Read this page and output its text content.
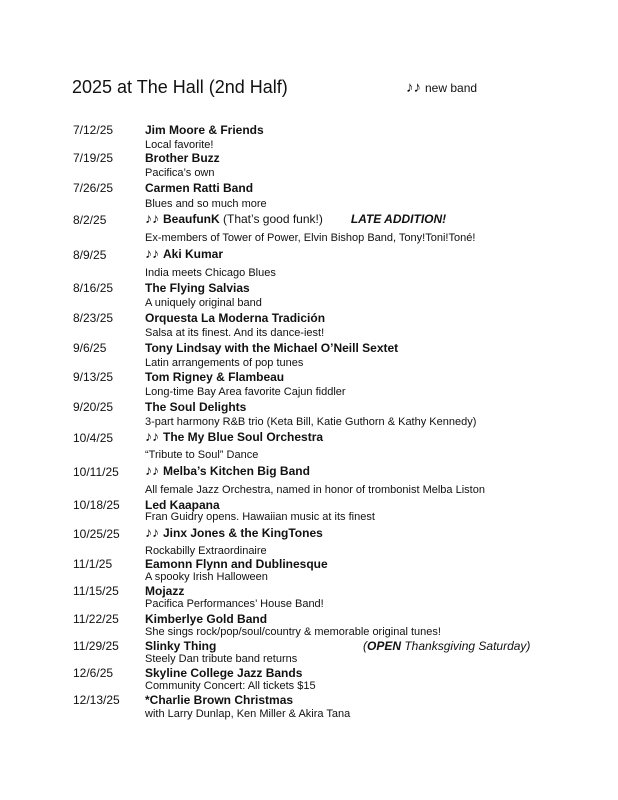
2025 at The Hall (2nd Half)	♪♪ new band
7/12/25	Jim Moore & Friends
Local favorite!
7/19/25	Brother Buzz
Pacifica’s own
7/26/25	Carmen Ratti Band
Blues and so much more
8/2/25	♪♪ BeaufunK (That’s good funk!) LATE ADDITION!
Ex-members of Tower of Power, Elvin Bishop Band, Tony!Toni!Toné!
8/9/25	♪♪ Aki Kumar
India meets Chicago Blues
8/16/25	The Flying Salvias
A uniquely original band
8/23/25	Orquesta La Moderna Tradición
Salsa at its finest. And its dance-iest!
9/6/25	Tony Lindsay with the Michael O’Neill Sextet
Latin arrangements of pop tunes
9/13/25	Tom Rigney & Flambeau
Long-time Bay Area favorite Cajun fiddler
9/20/25	The Soul Delights
3-part harmony R&B trio (Keta Bill, Katie Guthorn & Kathy Kennedy)
10/4/25 ♪♪ The My Blue Soul Orchestra
“Tribute to Soul” Dance
10/11/25 ♪♪ Melba’s Kitchen Big Band
All female Jazz Orchestra, named in honor of trombonist Melba Liston
10/18/25 Led Kaapana
Fran Guidry opens. Hawaiian music at its finest
10/25/25 ♪♪ Jinx Jones & the KingTones
Rockabilly Extraordinaire
11/1/25	Eamonn Flynn and Dublinesque
A spooky Irish Halloween
11/15/25 Mojazz
Pacifica Performances’ House Band!
11/22/25 Kimberlye Gold Band
She sings rock/pop/soul/country & memorable original tunes!
11/29/25 Slinky Thing	(OPEN Thanksgiving Saturday)
Steely Dan tribute band returns
12/6/25	Skyline College Jazz Bands
Community Concert: All tickets $15
12/13/25 *Charlie Brown Christmas
with Larry Dunlap, Ken Miller & Akira Tana
